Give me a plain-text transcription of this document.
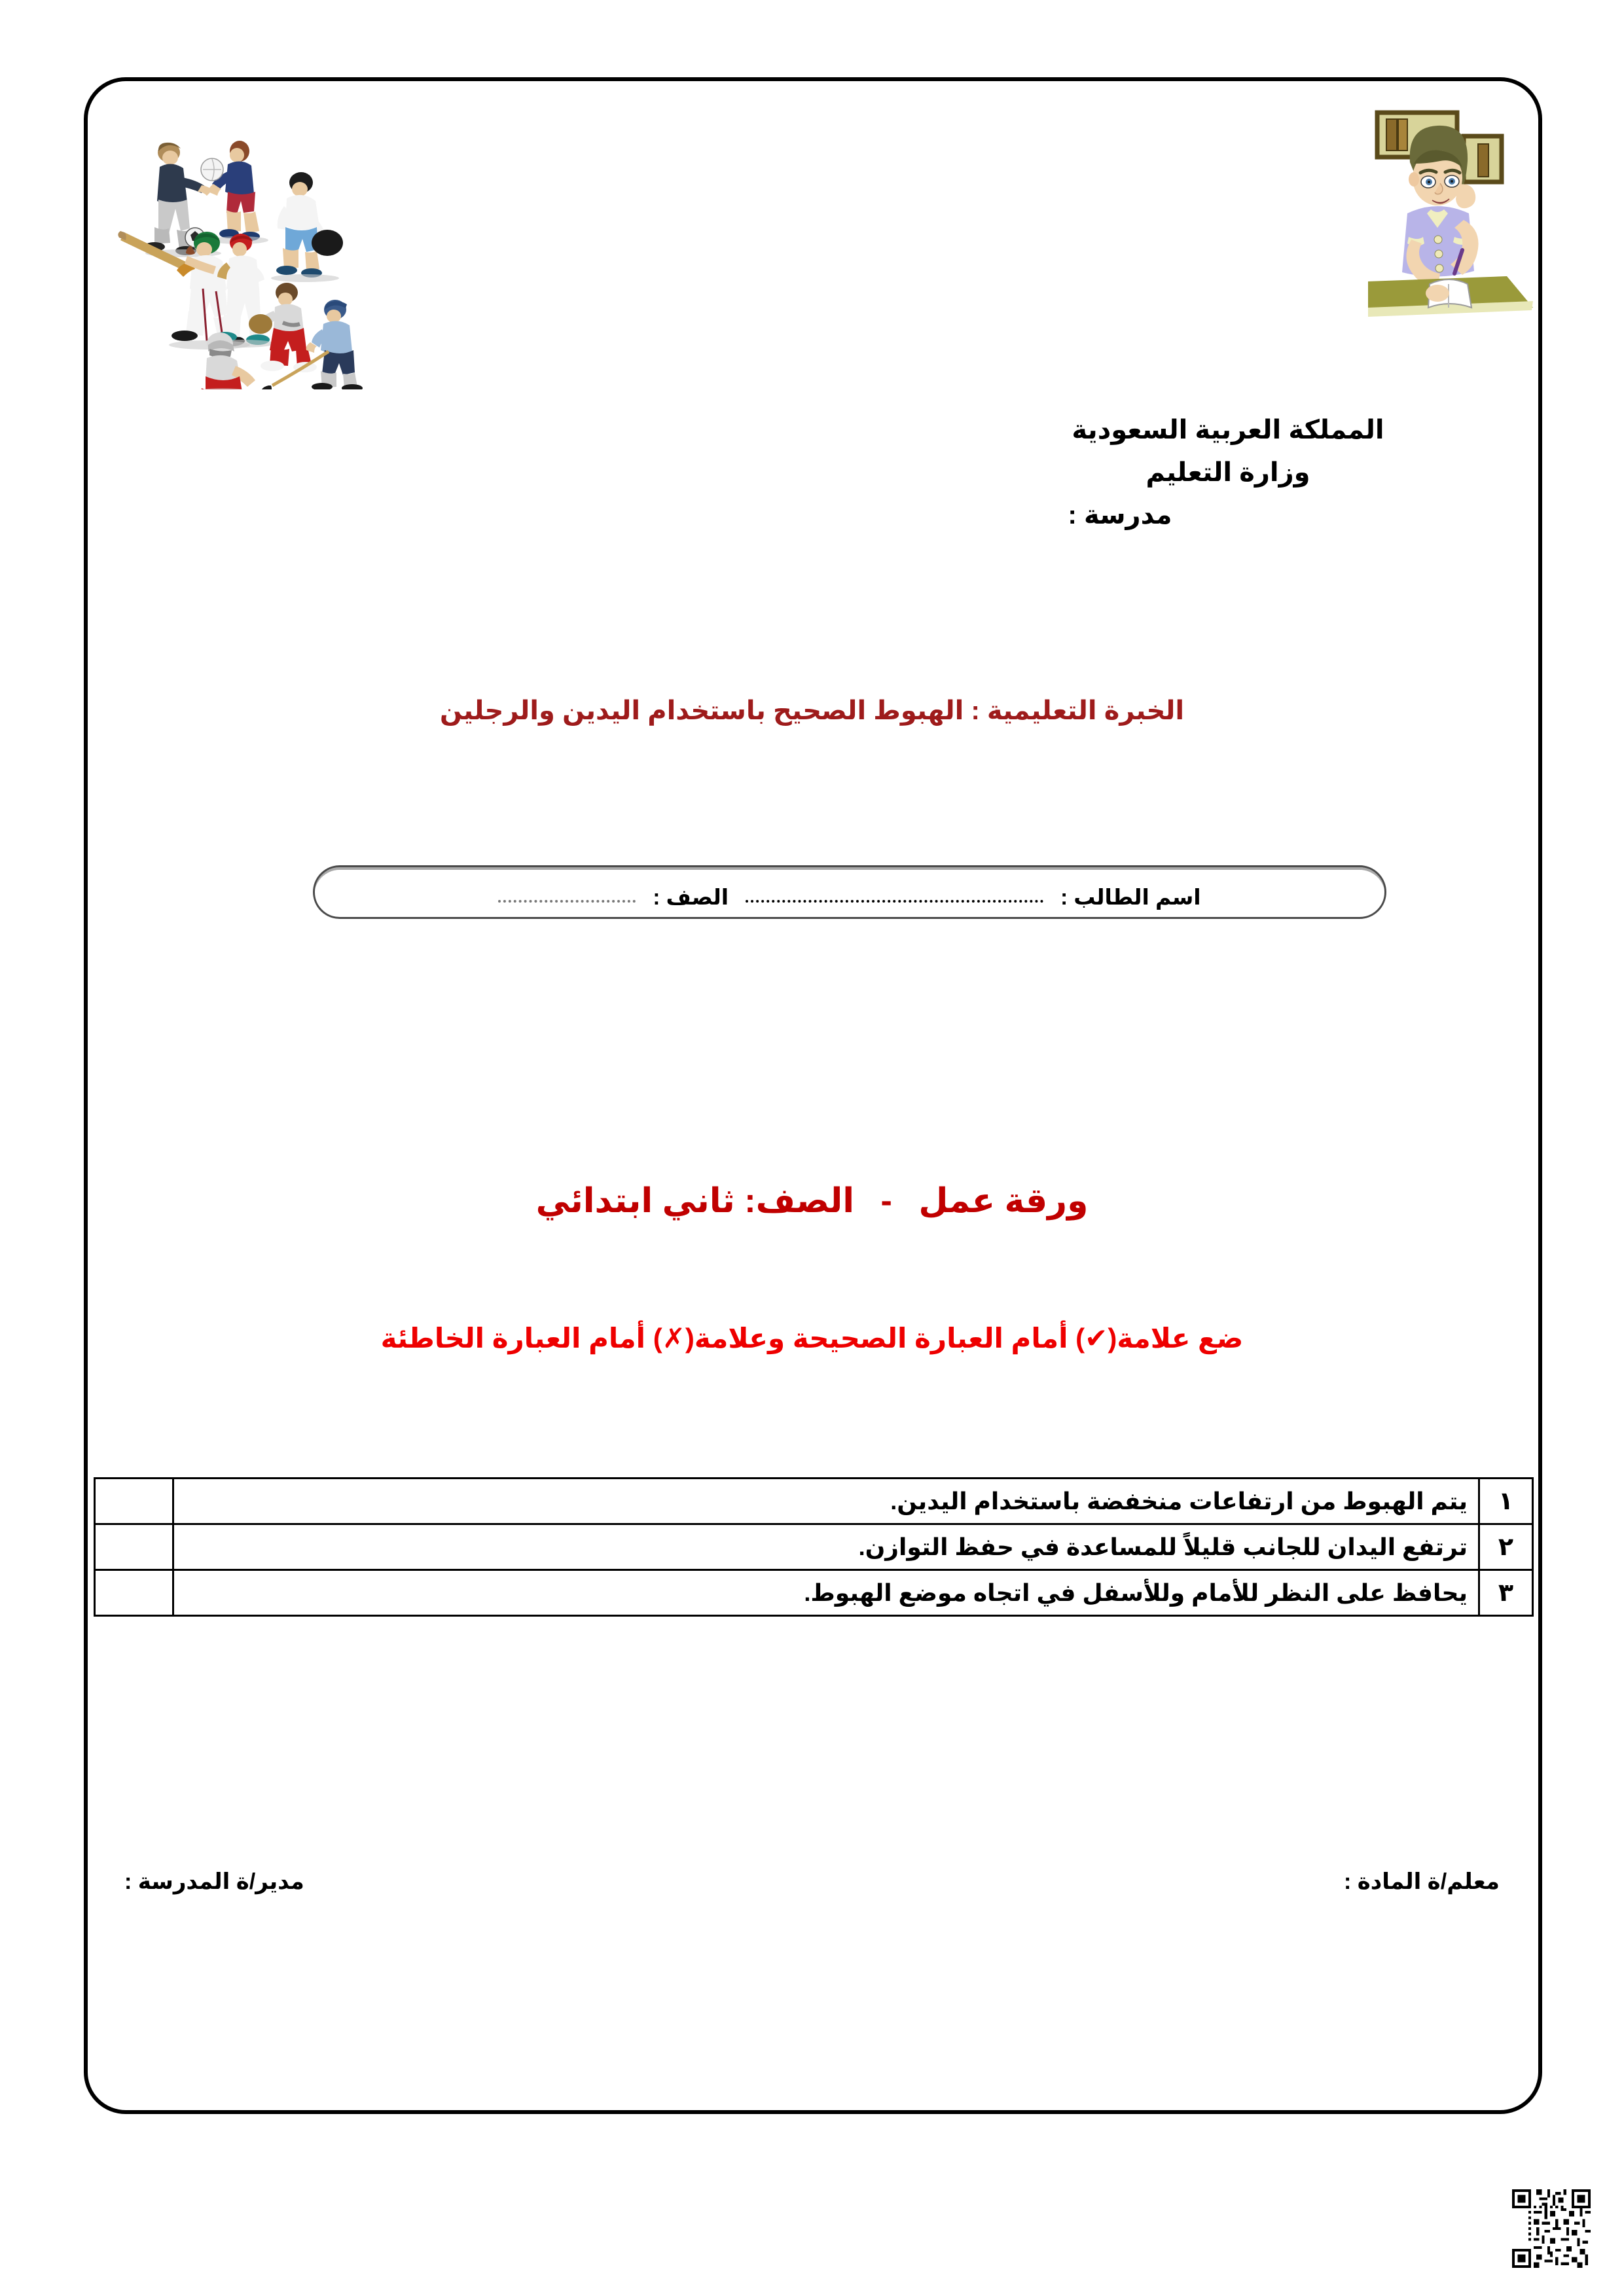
المملكة العربية السعودية
وزارة التعليم
مدرسة :
الخبرة التعليمية : الهبوط الصحيح باستخدام اليدين والرجلين
اسم الطالب :
الصف :
ورقة عمل - الصف: ثاني ابتدائي
ضع علامة(✔) أمام العبارة الصحيحة وعلامة(✗) أمام العبارة الخاطئة
١	يتم الهبوط من ارتفاعات منخفضة باستخدام اليدين.	
٢	ترتفع اليدان للجانب قليلاً للمساعدة في حفظ التوازن.	
٣	يحافظ على النظر للأمام وللأسفل في اتجاه موضع الهبوط.	
معلم/ة المادة :
مدير/ة المدرسة :
